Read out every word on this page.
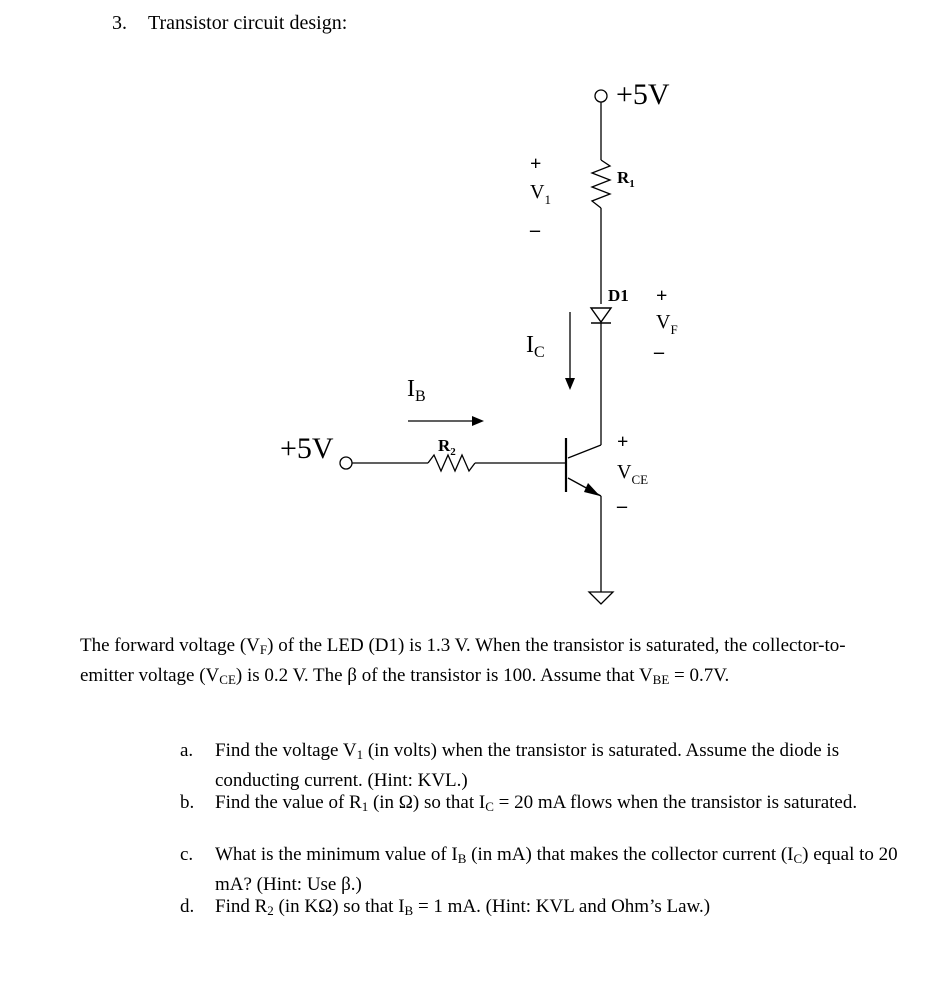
3. Transistor circuit design:
+5V
+5V
$R_1$
$R_2$
D1
+
$V_1$
–
+
$V_F$
–
+
$V_{CE}$
–
$I_C$
$I_B$
The forward voltage $(V_F)$ of the LED (D1) is 1.3 V. When the transistor is saturated, the collector-to-emitter voltage $(V_{CE})$ is 0.2 V. The β of the transistor is 100. Assume that $V_{BE} = 0.7V$.
a. Find the voltage $V_1$ (in volts) when the transistor is saturated. Assume the diode is conducting current. (Hint: KVL.)
b. Find the value of $R_1$ (in Ω) so that $I_C = 20$ mA flows when the transistor is saturated.
c. What is the minimum value of $I_B$ (in mA) that makes the collector current $(I_C)$ equal to 20 mA? (Hint: Use β.)
d. Find $R_2$ (in KΩ) so that $I_B = 1$ mA. (Hint: KVL and Ohm’s Law.)
